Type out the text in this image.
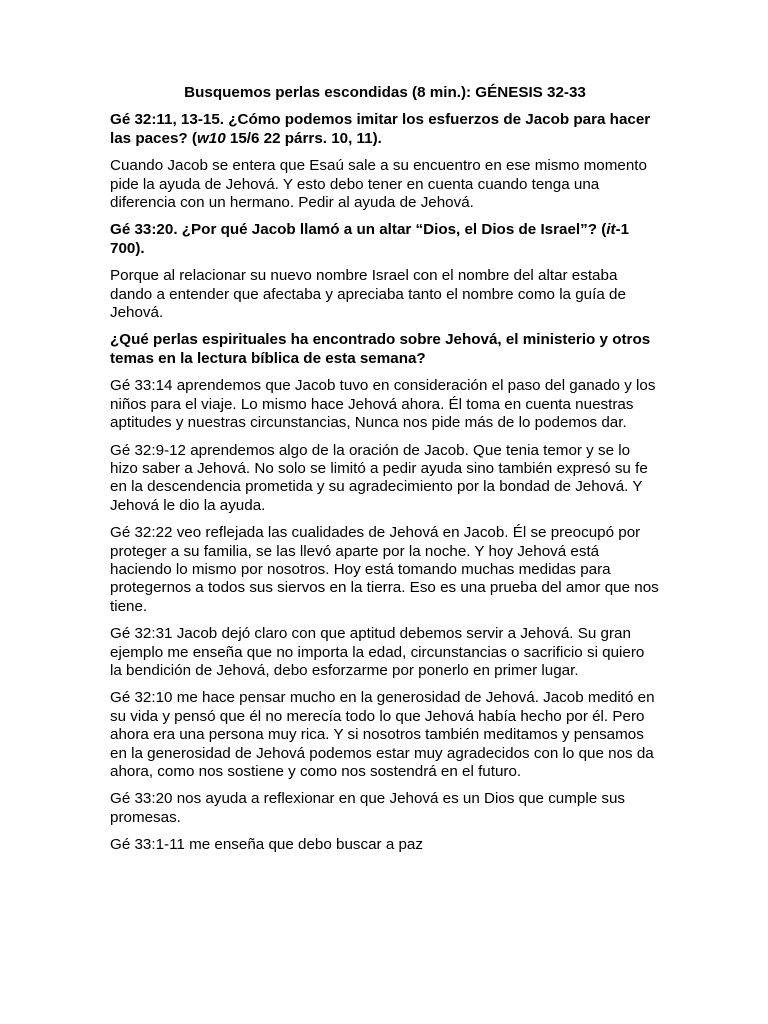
Busquemos perlas escondidas (8 min.): GÉNESIS 32-33

Gé 32:11, 13-15. ¿Cómo podemos imitar los esfuerzos de Jacob para hacer las paces? (w10 15/6 22 párrs. 10, 11).

Cuando Jacob se entera que Esaú sale a su encuentro en ese mismo momento pide la ayuda de Jehová. Y esto debo tener en cuenta cuando tenga una diferencia con un hermano. Pedir al ayuda de Jehová.

Gé 33:20. ¿Por qué Jacob llamó a un altar “Dios, el Dios de Israel”? (it-1 700).

Porque al relacionar su nuevo nombre Israel con el nombre del altar estaba dando a entender que afectaba y apreciaba tanto el nombre como la guía de Jehová.

¿Qué perlas espirituales ha encontrado sobre Jehová, el ministerio y otros temas en la lectura bíblica de esta semana?

Gé 33:14 aprendemos que Jacob tuvo en consideración el paso del ganado y los niños para el viaje. Lo mismo hace Jehová ahora. Él toma en cuenta nuestras aptitudes y nuestras circunstancias, Nunca nos pide más de lo podemos dar.

Gé 32:9-12 aprendemos algo de la oración de Jacob. Que tenia temor y se lo hizo saber a Jehová. No solo se limitó a pedir ayuda sino también expresó su fe en la descendencia prometida y su agradecimiento por la bondad de Jehová. Y Jehová le dio la ayuda.

Gé 32:22 veo reflejada las cualidades de Jehová en Jacob. Él se preocupó por proteger a su familia, se las llevó aparte por la noche. Y hoy Jehová está haciendo lo mismo por nosotros. Hoy está tomando muchas medidas para protegernos a todos sus siervos en la tierra. Eso es una prueba del amor que nos tiene.

Gé 32:31 Jacob dejó claro con que aptitud debemos servir a Jehová. Su gran ejemplo me enseña que no importa la edad, circunstancias o sacrificio si quiero la bendición de Jehová, debo esforzarme por ponerlo en primer lugar.

Gé 32:10 me hace pensar mucho en la generosidad de Jehová. Jacob meditó en su vida y pensó que él no merecía todo lo que Jehová había hecho por él. Pero ahora era una persona muy rica. Y si nosotros también meditamos y pensamos en la generosidad de Jehová podemos estar muy agradecidos con lo que nos da ahora, como nos sostiene y como nos sostendrá en el futuro.

Gé 33:20 nos ayuda a reflexionar en que Jehová es un Dios que cumple sus promesas.

Gé 33:1-11 me enseña que debo buscar a paz
